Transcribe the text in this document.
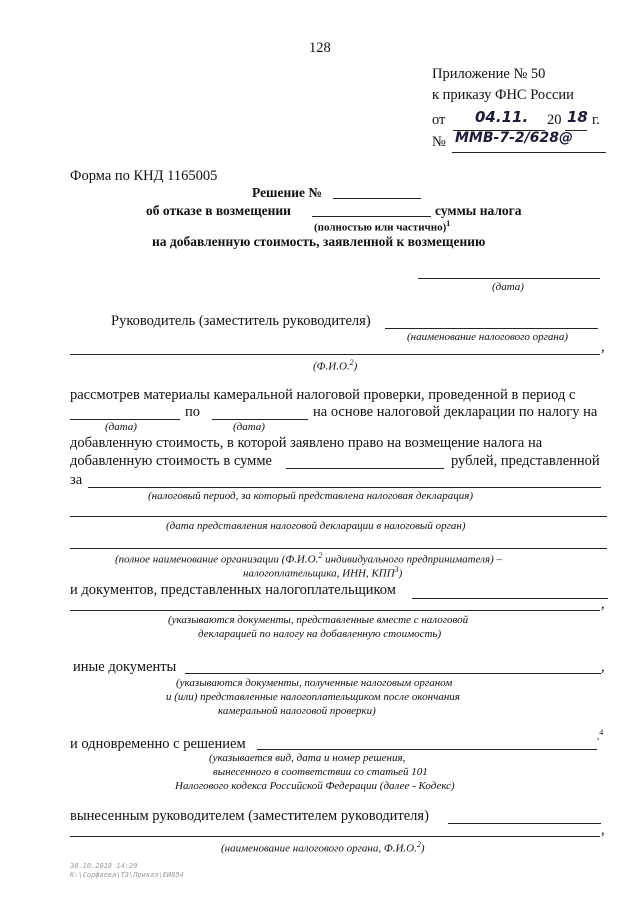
128
Приложение № 50
к приказу ФНС России
от 04.11. 20 18 г.
№ ММВ-7-2/628@
Форма по КНД 1165005
Решение №
об отказе в возмещении	суммы налога
(полностью или частично)$^1$
на добавленную стоимость, заявленной к возмещению
(дата)
Руководитель (заместитель руководителя)
(наименование налогового органа)
,
(Ф.И.О.$^2$)
рассмотрев материалы камеральной налоговой проверки, проведенной в период с
по	на основе налоговой декларации по налогу на
(дата)	(дата)
добавленную стоимость, в которой заявлено право на возмещение налога на
добавленную стоимость в сумме	рублей, представленной
за
(налоговый период, за который представлена налоговая декларация)
(дата представления налоговой декларации в налоговый орган)
(полное наименование организации (Ф.И.О.$^2$ индивидуального предпринимателя) –
налогоплательщика, ИНН, КПП$^3$)
и документов, представленных налогоплательщиком
,
(указываются документы, представленные вместе с налоговой
декларацией по налогу на добавленную стоимость)
иные документы	,
(указываются документы, полученные налоговым органом
и (или) представленные налогоплательщиком после окончания
камеральной налоговой проверки)
и одновременно с решением	,$^4$
(указывается вид, дата и номер решения,
вынесенного в соответствии со статьей 101
Налогового кодекса Российской Федерации (далее - Кодекс)
вынесенным руководителем (заместителем руководителя)
,
(наименование налогового органа, Ф.И.О.$^2$)
30.10.2018 14:29
К:\Сорфаева\ТЗ\Приказ\ЕИ054
